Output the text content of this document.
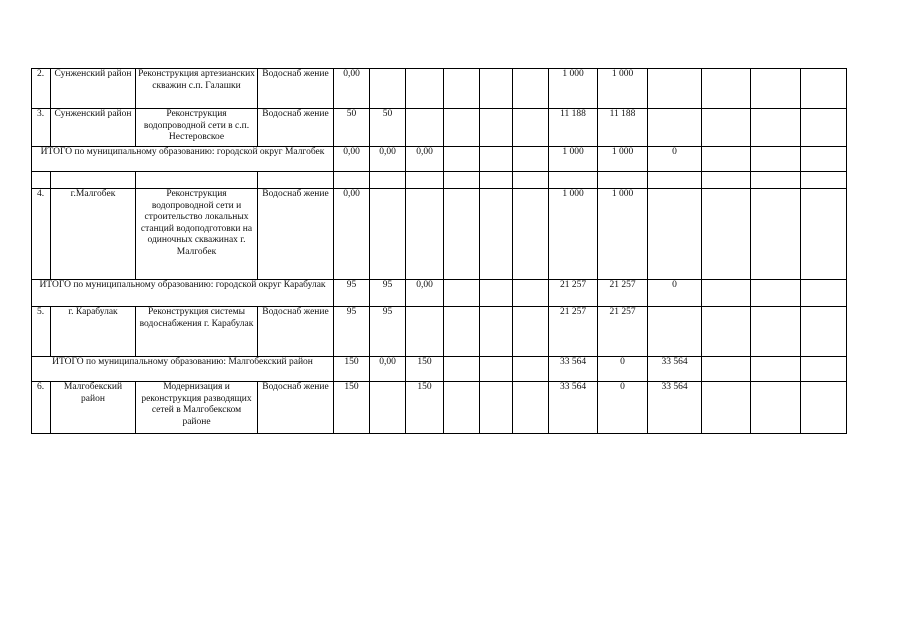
2.	Сунженский район	Реконструкция артезианских скважин с.п. Галашки	Водоснаб жение	0,00						1 000	1 000				
3.	Сунженский район	Реконструкция водопроводной сети в с.п. Нестеровское	Водоснаб жение	50	50					11 188	11 188				
ИТОГО по муниципальному образованию: городской округ Малгобек				0,00	0,00	0,00				1 000	1 000	0			

4.	г.Малгобек	Реконструкция водопроводной сети и строительство локальных станций водоподготовки на одиночных скважинах г. Малгобек	Водоснаб жение	0,00						1 000	1 000				
ИТОГО по муниципальному образованию: городской округ Карабулак				95	95	0,00				21 257	21 257	0			
5.	г. Карабулак	Реконструкция системы водоснабжения г. Карабулак	Водоснаб жение	95	95					21 257	21 257				
ИТОГО по муниципальному образованию: Малгобекский район				150	0,00	150				33 564	0	33 564			
6.	Малгобекский район	Модернизация и реконструкция разводящих сетей в Малгобекском районе	Водоснаб жение	150		150				33 564	0	33 564			
